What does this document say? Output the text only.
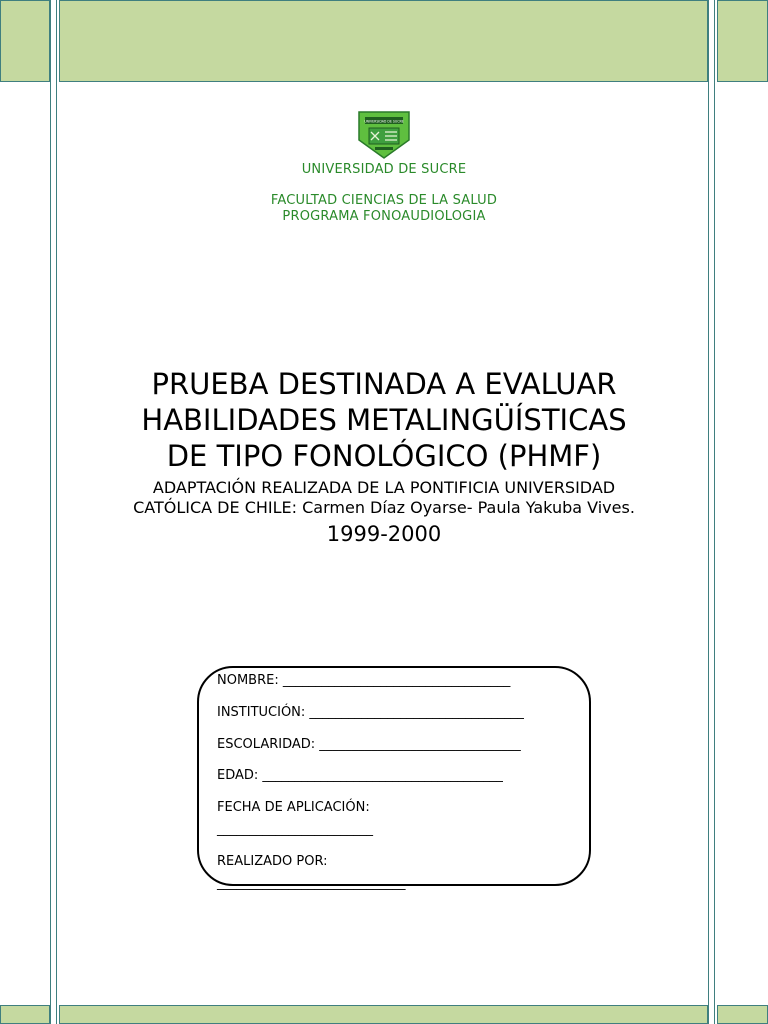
UNIVERSIDAD DE SUCRE
UNIVERSIDAD DE SUCRE
FACULTAD CIENCIAS DE LA SALUD
PROGRAMA FONOAUDIOLOGIA
PRUEBA DESTINADA A EVALUAR
HABILIDADES METALINGÜÍSTICAS
DE TIPO FONOLÓGICO (PHMF)
ADAPTACIÓN REALIZADA DE LA PONTIFICIA UNIVERSIDAD CATÓLICA DE CHILE: Carmen Díaz Oyarse- Paula Yakuba Vives.
1999-2000

NOMBRE: ___________________________________

INSTITUCIÓN: _________________________________

ESCOLARIDAD: _______________________________

EDAD: _____________________________________

FECHA DE APLICACIÓN:

________________________

REALIZADO POR:

_____________________________
